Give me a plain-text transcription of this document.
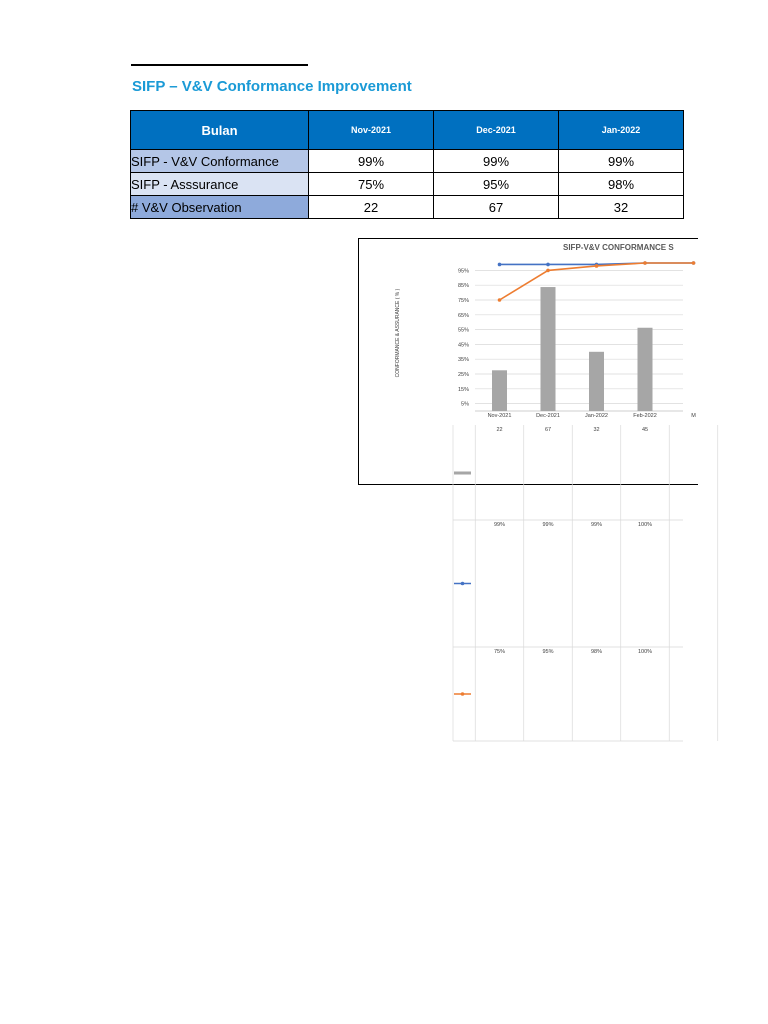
SIFP – V&V Conformance Improvement
Bulan	Nov-2021	Dec-2021	Jan-2022
SIFP - V&V Conformance	99%	99%	99%
SIFP - Asssurance	75%	95%	98%
# V&V Observation	22	67	32
SIFP-V&V CONFORMANCE S
CONFORMANCE & ASSURANCE ( % )
95%
85%
75%
65%
55%
45%
35%
25%
15%
5%
Nov-2021	Dec-2021	Jan-2022	Feb-2022	M
22	67	32	45
99%	99%	99%	100%
75%	95%	98%	100%
